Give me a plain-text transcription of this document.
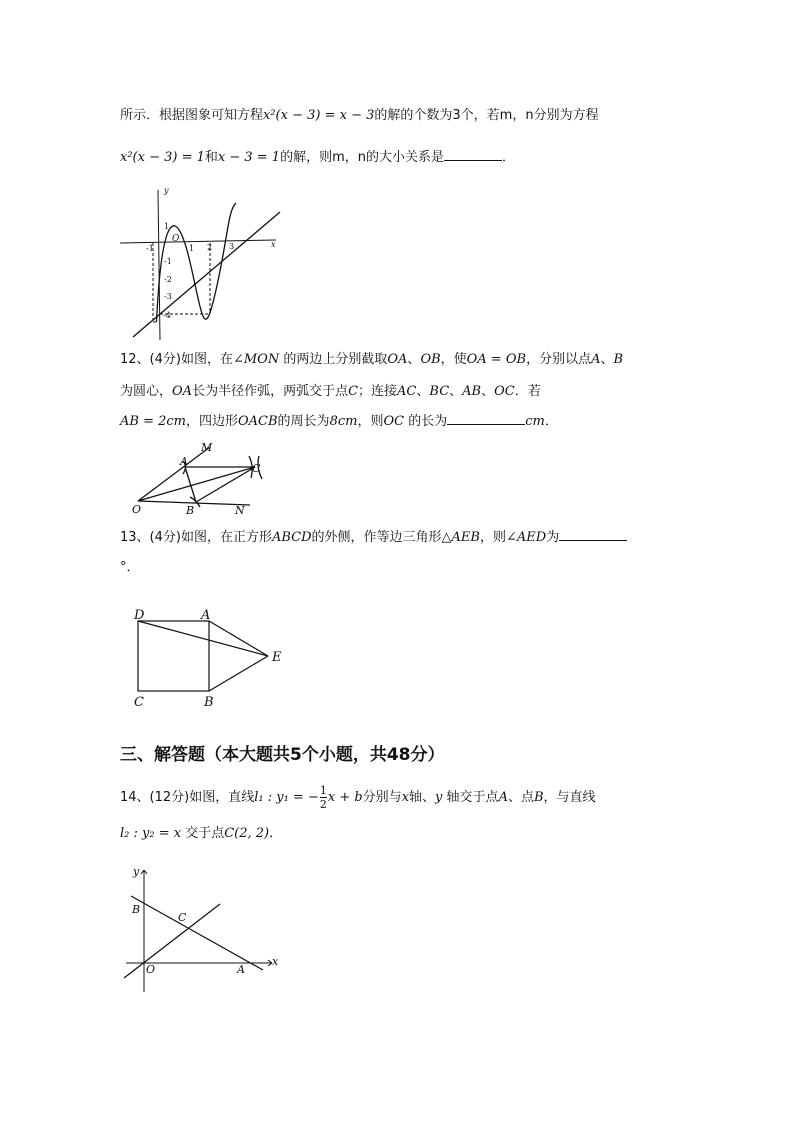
所示．根据图象可知方程x²(x − 3) = x − 3的解的个数为3个，若m，n分别为方程
x²(x − 3) = 1和x − 3 = 1的解，则m，n的大小关系是	．
y
x
O
-1	1 2 3
1
-1
-2
-3
-4
12、(4分)如图，在∠MON 的两边上分别截取OA、OB，使OA = OB，分别以点A、B
为圆心，OA长为半径作弧，两弧交于点C；连接AC、BC、AB、OC．若
AB = 2cm，四边形OACB的周长为8cm，则OC 的长为	cm．
O
A
M
B	N
C
13、(4分)如图，在正方形ABCD的外侧，作等边三角形△AEB，则∠AED为
°．
D	A
E
C	B
三、解答题（本大题共5个小题，共48分）
14、(12分)如图，直线l₁ : y₁ = − $\frac{1}{2}$ x + b分别与x轴、y 轴交于点A、点B，与直线
l₂ : y₂ = x 交于点C(2, 2)．
y
x
B
C
O	A
